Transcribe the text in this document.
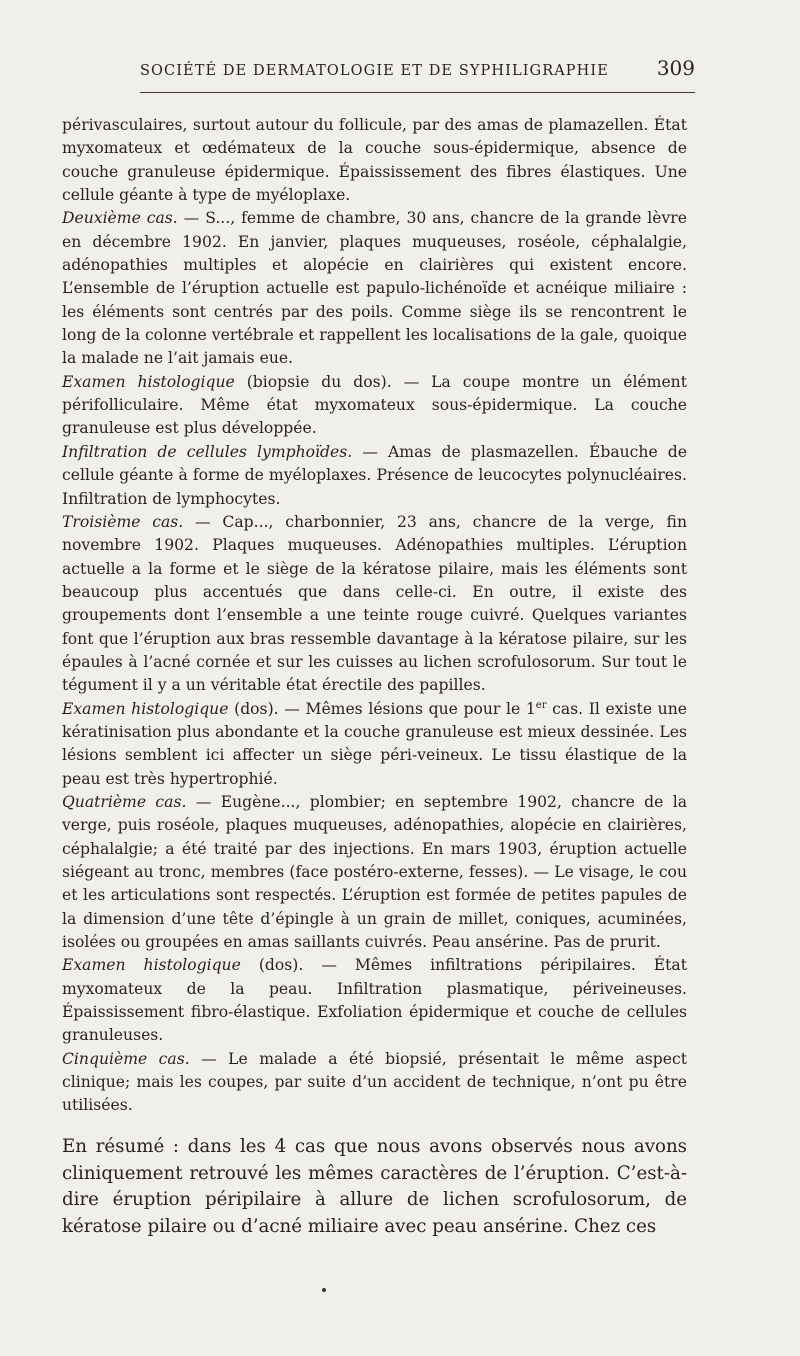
SOCIÉTÉ DE DERMATOLOGIE ET DE SYPHILIGRAPHIE 309

périvasculaires, surtout autour du follicule, par des amas de plamazellen. État myxomateux et œdémateux de la couche sous-épidermique, absence de couche granuleuse épidermique. Épaississement des fibres élastiques. Une cellule géante à type de myéloplaxe.

Deuxième cas. — S..., femme de chambre, 30 ans, chancre de la grande lèvre en décembre 1902. En janvier, plaques muqueuses, roséole, céphalalgie, adénopathies multiples et alopécie en clairières qui existent encore. L’ensemble de l’éruption actuelle est papulo-lichénoïde et acnéique miliaire : les éléments sont centrés par des poils. Comme siège ils se rencontrent le long de la colonne vertébrale et rappellent les localisations de la gale, quoique la malade ne l’ait jamais eue.

Examen histologique (biopsie du dos). — La coupe montre un élément périfolliculaire. Même état myxomateux sous-épidermique. La couche granuleuse est plus développée.

Infiltration de cellules lymphoïdes. — Amas de plasmazellen. Ébauche de cellule géante à forme de myéloplaxes. Présence de leucocytes polynucléaires. Infiltration de lymphocytes.

Troisième cas. — Cap..., charbonnier, 23 ans, chancre de la verge, fin novembre 1902. Plaques muqueuses. Adénopathies multiples. L’éruption actuelle a la forme et le siège de la kératose pilaire, mais les éléments sont beaucoup plus accentués que dans celle-ci. En outre, il existe des groupements dont l’ensemble a une teinte rouge cuivré. Quelques variantes font que l’éruption aux bras ressemble davantage à la kératose pilaire, sur les épaules à l’acné cornée et sur les cuisses au lichen scrofulosorum. Sur tout le tégument il y a un véritable état érectile des papilles.

Examen histologique (dos). — Mêmes lésions que pour le 1er cas. Il existe une kératinisation plus abondante et la couche granuleuse est mieux dessinée. Les lésions semblent ici affecter un siège péri-veineux. Le tissu élastique de la peau est très hypertrophié.

Quatrième cas. — Eugène..., plombier; en septembre 1902, chancre de la verge, puis roséole, plaques muqueuses, adénopathies, alopécie en clairières, céphalalgie; a été traité par des injections. En mars 1903, éruption actuelle siégeant au tronc, membres (face postéro-externe, fesses). — Le visage, le cou et les articulations sont respectés. L’éruption est formée de petites papules de la dimension d’une tête d’épingle à un grain de millet, coniques, acuminées, isolées ou groupées en amas saillants cuivrés. Peau ansérine. Pas de prurit.

Examen histologique (dos). — Mêmes infiltrations péripilaires. État myxomateux de la peau. Infiltration plasmatique, périveineuses. Épaississement fibro-élastique. Exfoliation épidermique et couche de cellules granuleuses.

Cinquième cas. — Le malade a été biopsié, présentait le même aspect clinique; mais les coupes, par suite d’un accident de technique, n’ont pu être utilisées.

En résumé : dans les 4 cas que nous avons observés nous avons cliniquement retrouvé les mêmes caractères de l’éruption. C’est-à-dire éruption péripilaire à allure de lichen scrofulosorum, de kératose pilaire ou d’acné miliaire avec peau ansérine. Chez ces
